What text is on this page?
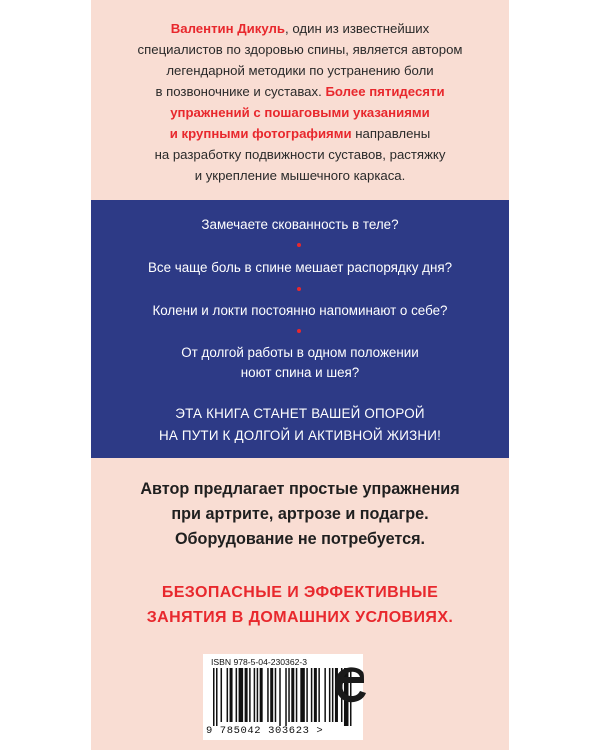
Валентин Дикуль, один из известнейших
специалистов по здоровью спины, является автором
легендарной методики по устранению боли
в позвоночнике и суставах. Более пятидесяти
упражнений с пошаговыми указаниями
и крупными фотографиями направлены
на разработку подвижности суставов, растяжку
и укрепление мышечного каркаса.
Замечаете скованность в теле?
Все чаще боль в спине мешает распорядку дня?
Колени и локти постоянно напоминают о себе?
От долгой работы в одном положении
ноют спина и шея?
ЭТА КНИГА СТАНЕТ ВАШЕЙ ОПОРОЙ
НА ПУТИ К ДОЛГОЙ И АКТИВНОЙ ЖИЗНИ!
Автор предлагает простые упражнения
при артрите, артрозе и подагре.
Оборудование не потребуется.
БЕЗОПАСНЫЕ И ЭФФЕКТИВНЫЕ
ЗАНЯТИЯ В ДОМАШНИХ УСЛОВИЯХ.
ISBN 978-5-04-230362-3
9 785042 303623 >
